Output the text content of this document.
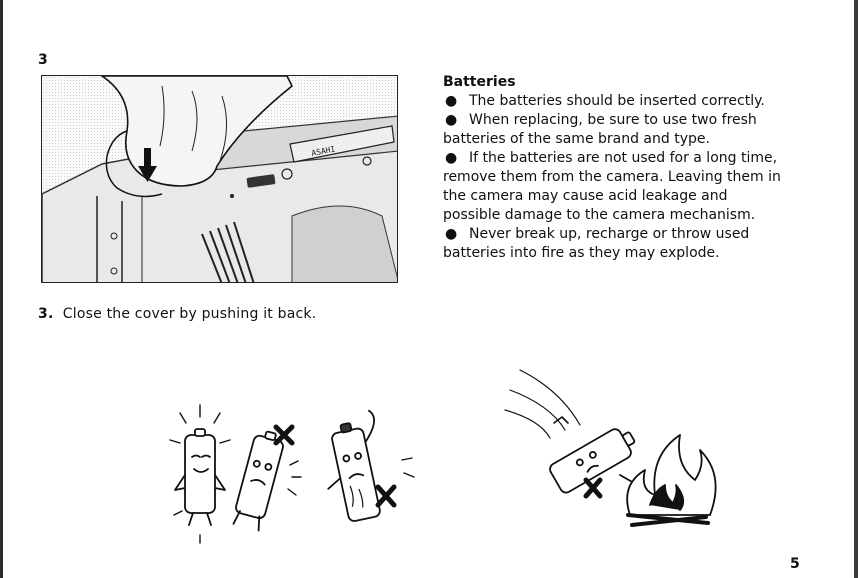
3
ASAHI
3. Close the cover by pushing it back.

Batteries

● The batteries should be inserted correctly.

● When replacing, be sure to use two fresh batteries of the same brand and type.

● If the batteries are not used for a long time, remove them from the camera. Leaving them in the camera may cause acid leakage and possible damage to the camera mechanism.

● Never break up, recharge or throw used batteries into fire as they may explode.

5
